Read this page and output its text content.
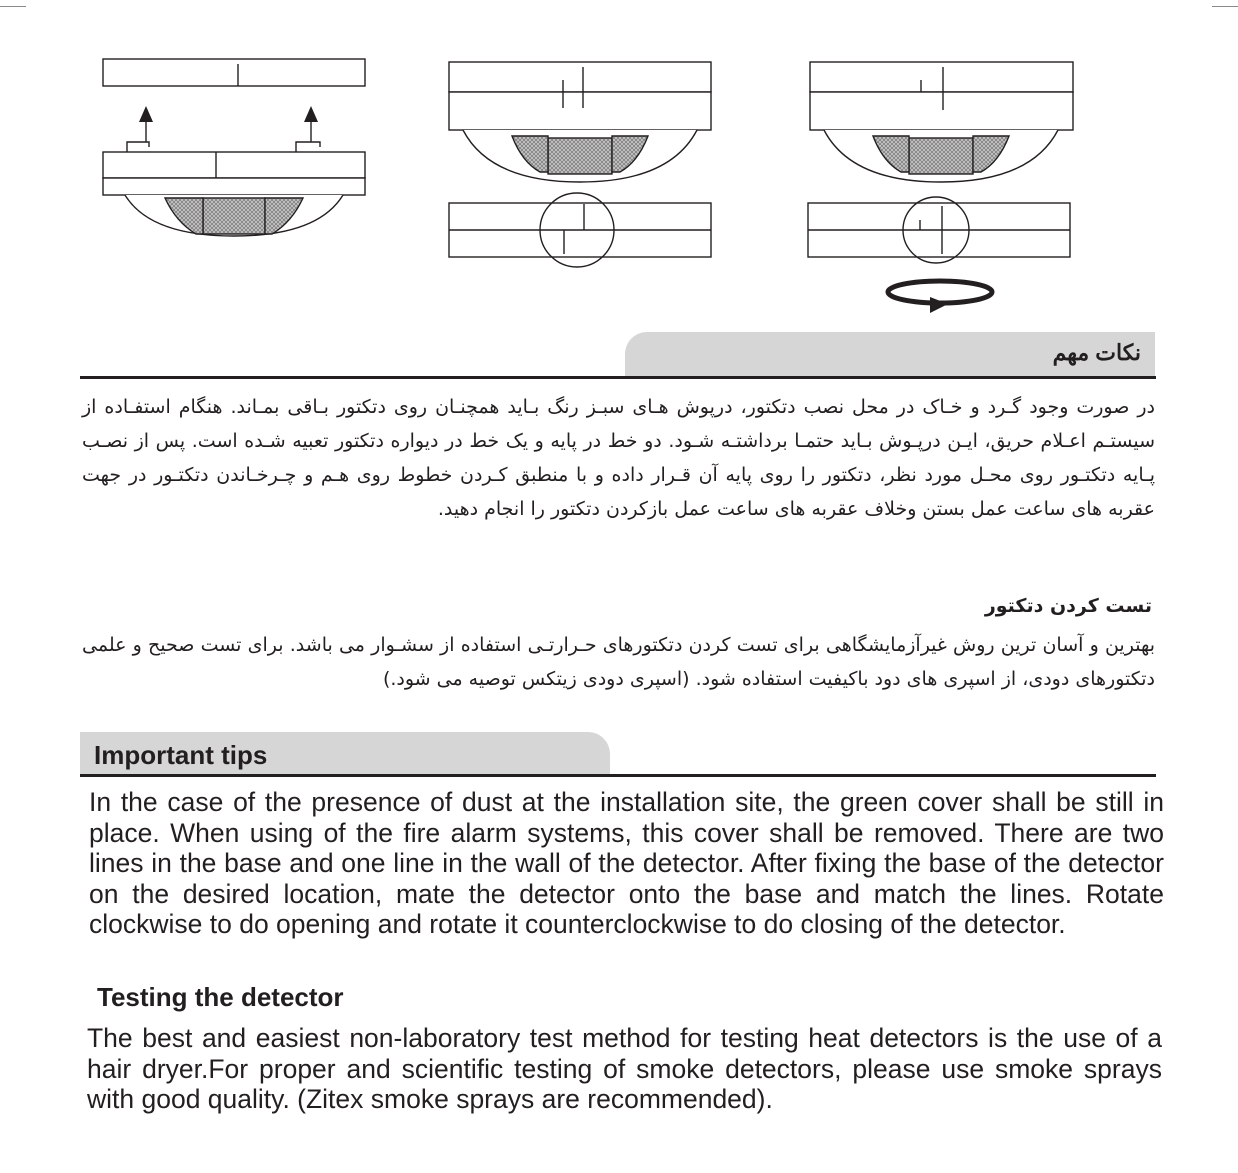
نکات مهم
در صورت وجود گـرد و خـاک در محل نصب دتکتور، درپوش هـای سبـز رنگ بـاید همچنـان روی دتکتور بـاقی بمـاند. هنگام استفـاده از سیستـم اعـلام حریق، ایـن درپـوش بـاید حتمـا برداشتـه شـود. دو خط در پایه و یک خط در دیواره دتکتور تعبیه شـده است. پس از نصـب پـایه دتکتـور روی محـل مورد نظر، دتکتور را روی پایه آن قـرار داده و با منطبق کـردن خطوط روی هـم و چـرخـاندن دتکتـور در جهت عقربه های ساعت عمل بستن وخلاف عقربه های ساعت عمل بازکردن دتکتور را انجام دهید.
تست کردن دتکتور
بهترین و آسان ترین روش غیرآزمایشگاهی برای تست کردن دتکتورهای حـرارتـی استفاده از سشـوار می باشد. برای تست صحیح و علمی دتکتورهای دودی، از اسپری های دود باکیفیت استفاده شود. (اسپری دودی زیتکس توصیه می شود.)
Important tips
In the case of the presence of dust at the installation site, the green cover shall be still in place. When using of the fire alarm systems, this cover shall be removed. There are two lines in the base and one line in the wall of the detector. After fixing the base of the detector on the desired location, mate the detector onto the base and match the lines. Rotate clockwise to do opening and rotate it counterclockwise to do closing of the detector.
Testing the detector
The best and easiest non-laboratory test method for testing heat detectors is the use of a hair dryer.For proper and scientific testing of smoke detectors, please use smoke sprays with good quality. (Zitex smoke sprays are recommended).
